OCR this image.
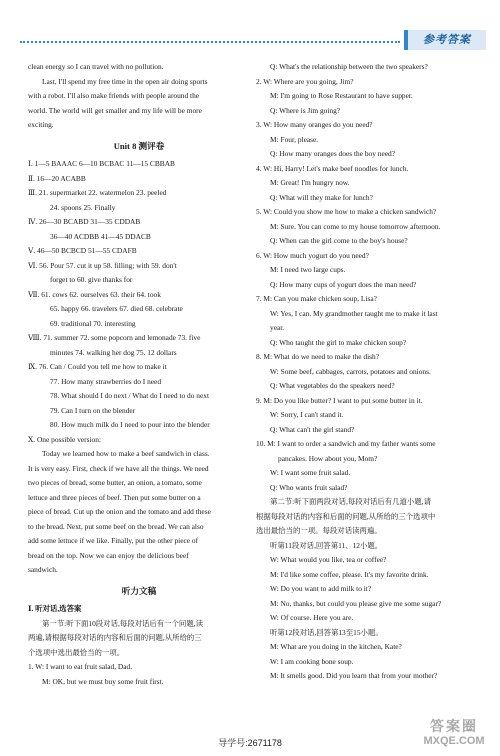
参考答案
clean energy so I can travel with no pollution.
Last, I'll spend my free time in the open air doing sports
with a robot. I'll also make friends with people around the
world. The world will get smaller and my life will be more
exciting.
Unit 8 测评卷
Ⅰ. 1—5 BAAAC 6—10 BCBAC 11—15 CBBAB
Ⅱ. 16—20 ACABB
Ⅲ. 21. supermarket 22. watermelon 23. peeled
24. spoons 25. Finally
Ⅳ. 26—30 BCABD 31—35 CDDAB
36—40 ACDBB 41—45 DDACB
Ⅴ. 46—50 BCBCD 51—55 CDAFB
Ⅵ. 56. Pour 57. cut it up 58. filling; with 59. don't
forget to 60. give thanks for
Ⅶ. 61. cows 62. ourselves 63. their 64. took
65. happy 66. travelers 67. died 68. celebrate
69. traditional 70. interesting
Ⅷ. 71. summer 72. some popcorn and lemonade 73. five
minutes 74. walking her dog 75. 12 dollars
Ⅸ. 76. Can / Could you tell me how to make it
77. How many strawberries do I need
78. What should I do next / What do I need to do next
79. Can I turn on the blender
80. How much milk do I need to pour into the blender
Ⅹ. One possible version:
Today we learned how to make a beef sandwich in class.
It is very easy. First, check if we have all the things. We need
two pieces of bread, some butter, an onion, a tomato, some
lettuce and three pieces of beef. Then put some butter on a
piece of bread. Cut up the onion and the tomato and add these
to the bread. Next, put some beef on the bread. We can also
add some lettuce if we like. Finally, put the other piece of
bread on the top. Now we can enjoy the delicious beef
sandwich.
听力文稿
Ⅰ. 听对话,选答案
第一节:听下面10段对话,每段对话后有一个问题,读
两遍,请根据每段对话的内容和后面的问题,从所给的三
个选项中选出最恰当的一项。
1. W: I want to eat fruit salad, Dad.
M: OK, but we must buy some fruit first.
Q: What's the relationship between the two speakers?
2. W: Where are you going, Jim?
M: I'm going to Rose Restaurant to have supper.
Q: Where is Jim going?
3. W: How many oranges do you need?
M: Four, please.
Q: How many oranges does the boy need?
4. W: Hi, Harry! Let's make beef noodles for lunch.
M: Great! I'm hungry now.
Q: What will they make for lunch?
5. W: Could you show me how to make a chicken sandwich?
M: Sure. You can come to my house tomorrow afternoon.
Q: When can the girl come to the boy's house?
6. W: How much yogurt do you need?
M: I need two large cups.
Q: How many cups of yogurt does the man need?
7. M: Can you make chicken soup, Lisa?
W: Yes, I can. My grandmother taught me to make it last
year.
Q: Who taught the girl to make chicken soup?
8. M: What do we need to make the dish?
W: Some beef, cabbages, carrots, potatoes and onions.
Q: What vegetables do the speakers need?
9. M: Do you like butter? I want to put some butter in it.
W: Sorry, I can't stand it.
Q: What can't the girl stand?
10. M: I want to order a sandwich and my father wants some
pancakes. How about you, Mom?
W: I want some fruit salad.
Q: Who wants fruit salad?
第二节:听下面两段对话,每段对话后有几道小题,请
根据每段对话的内容和后面的问题,从所给的三个选项中
选出最恰当的一项。每段对话读两遍。
听第11段对话,回答第11、12小题。
W: What would you like, tea or coffee?
M: I'd like some coffee, please. It's my favorite drink.
W: Do you want to add milk to it?
M: No, thanks, but could you please give me some sugar?
W: Of course. Here you are.
听第12段对话,回答第13至15小题。
M: What are you doing in the kitchen, Kate?
W: I am cooking bone soup.
M: It smells good. Did you learn that from your mother?
导学号:2671178
答案圈
MXQE.COM
